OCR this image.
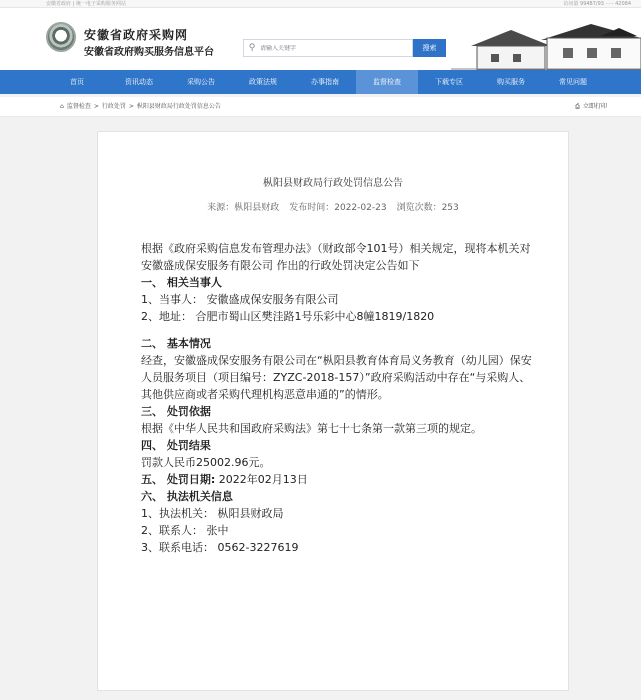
安徽省政府 | 统一电子采购服务网站	访问量 99487/93 ····· 42084
安徽省政府采购网
安徽省政府购买服务信息平台	⚲
请输入关键字	搜索
首页	资讯动态	采购公告	政策法规	办事指南	监督检查	下载专区	购买服务	常见问题
⌂ 监督检查 > 行政处罚 > 枞阳县财政局行政处罚信息公告	⎙ 立即打印
枞阳县财政局行政处罚信息公告
来源：枞阳县财政 发布时间：2022-02-23 浏览次数：253

根据《政府采购信息发布管理办法》（财政部令101号）相关规定，现将本机关对 安徽盛成保安服务有限公司 作出的行政处罚决定公告如下

一、 相关当事人

1、当事人： 安徽盛成保安服务有限公司

2、地址： 合肥市蜀山区樊洼路1号乐彩中心8幢1819/1820

二、 基本情况

经查，安徽盛成保安服务有限公司在“枞阳县教育体育局义务教育（幼儿园）保安人员服务项目（项目编号：ZYZC-2018-157）”政府采购活动中存在“与采购人、其他供应商或者采购代理机构恶意串通的”的情形。

三、 处罚依据

根据《中华人民共和国政府采购法》第七十七条第一款第三项的规定。

四、 处罚结果

罚款人民币25002.96元。

五、 处罚日期: 2022年02月13日

六、 执法机关信息

1、执法机关： 枞阳县财政局

2、联系人： 张中

3、联系电话： 0562-3227619
